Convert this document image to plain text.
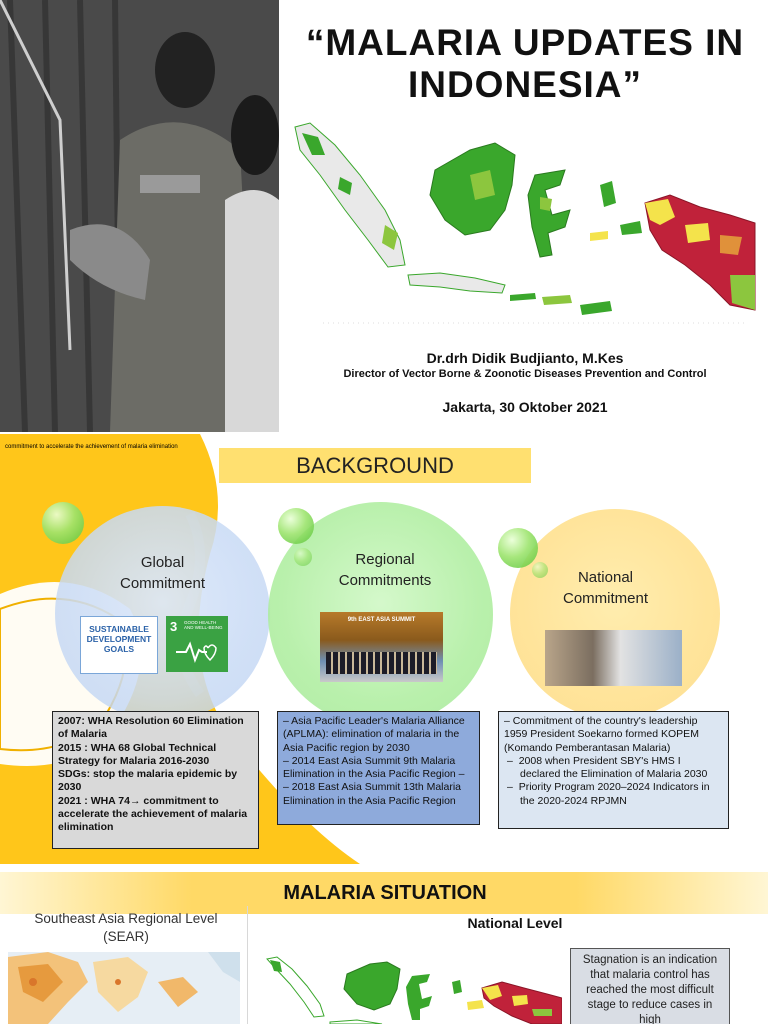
“MALARIA UPDATES IN INDONESIA”
Dr.drh Didik Budjianto, M.Kes
Director of Vector Borne & Zoonotic Diseases Prevention and Control
Jakarta, 30 Oktober 2021
commitment to accelerate the achievement of malaria elimination
BACKGROUND
Global Commitment
SUSTAINABLE DEVELOPMENT GOALS
3 GOOD HEALTH AND WELL-BEING
Regional Commitments
9th EAST ASIA SUMMIT
National Commitment

2007: WHA Resolution 60 Elimination of Malaria

2015 : WHA 68 Global Technical Strategy for Malaria 2016-2030

SDGs: stop the malaria epidemic by 2030

2021 : WHA 74→ commitment to accelerate the achievement of malaria elimination

– Asia Pacific Leader's Malaria Alliance (APLMA): elimination of malaria in the Asia Pacific region by 2030

– 2014 East Asia Summit 9th Malaria Elimination in the Asia Pacific Region –

– 2018 East Asia Summit 13th Malaria Elimination in the Asia Pacific Region

– Commitment of the country's leadership

1959 President Soekarno formed KOPEM (Komando Pemberantasan Malaria)

–  2008 when President SBY's HMS I declared the Elimination of Malaria 2030

–  Priority Program 2020–2024 Indicators in the 2020-2024 RPJMN

MALARIA SITUATION
Southeast Asia Regional Level (SEAR)
National Level
Stagnation is an indication that malaria control has reached the most difficult stage to reduce cases in high
